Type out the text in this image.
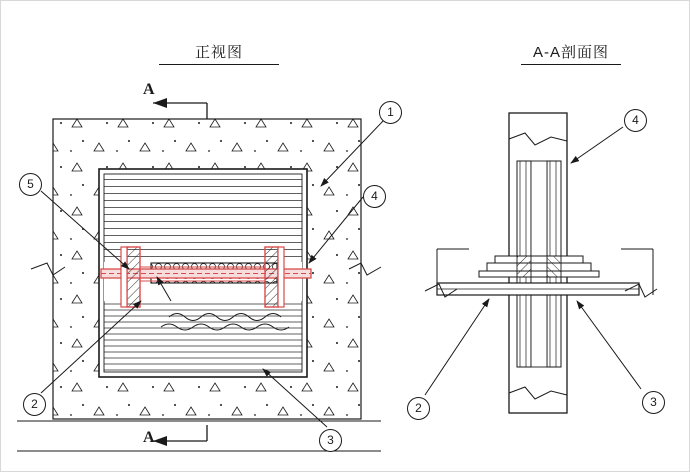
正视图	A-A剖面图
A
A
1
4
5
2
3
4
2	3
